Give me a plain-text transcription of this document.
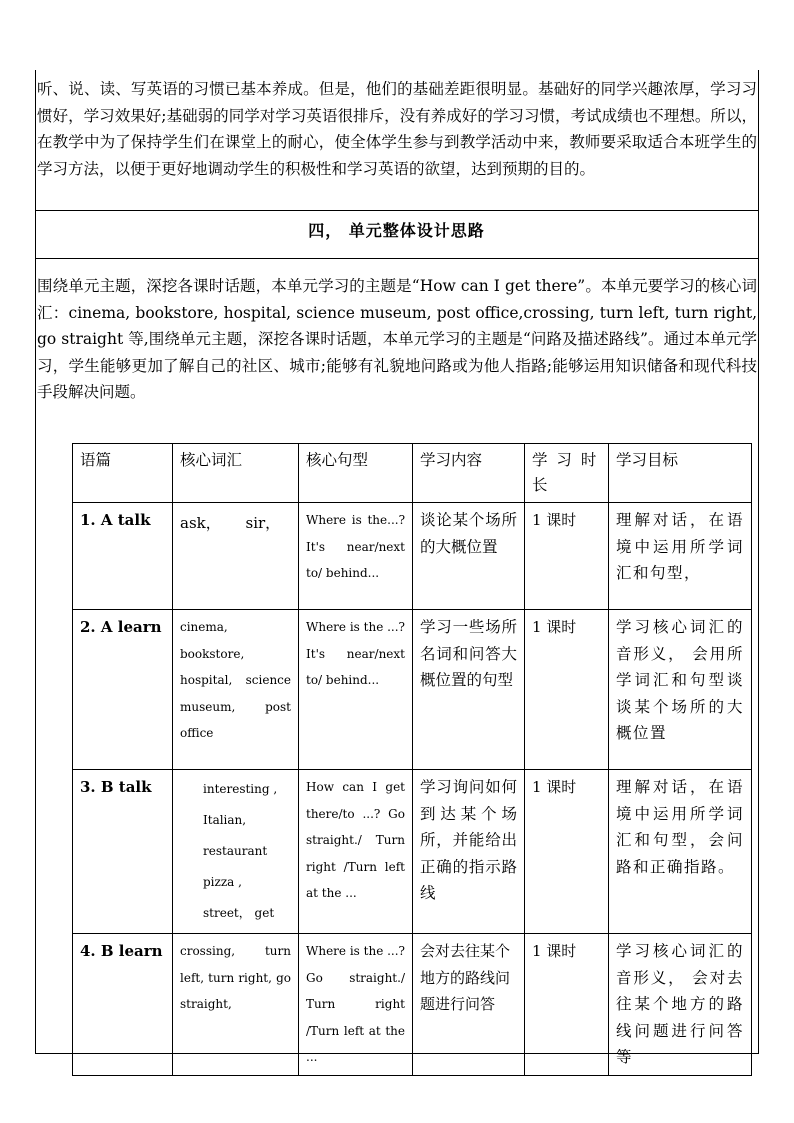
听、说、读、写英语的习惯已基本养成。但是，他们的基础差距很明显。基础好的同学兴趣浓厚，学习习惯好，学习效果好;基础弱的同学对学习英语很排斥，没有养成好的学习习惯，考试成绩也不理想。所以，在教学中为了保持学生们在课堂上的耐心，使全体学生参与到教学活动中来，教师要采取适合本班学生的学习方法，以便于更好地调动学生的积极性和学习英语的欲望，达到预期的目的。
四， 单元整体设计思路
围绕单元主题，深挖各课时话题，本单元学习的主题是“How can I get there”。本单元要学习的核心词汇：cinema, bookstore, hospital, science museum, post office,crossing, turn left, turn right, go straight 等,围绕单元主题，深挖各课时话题，本单元学习的主题是“问路及描述路线”。通过本单元学习，学生能够更加了解自己的社区、城市;能够有礼貌地问路或为他人指路;能够运用知识储备和现代科技手段解决问题。
语篇	核心词汇	核心句型	学习内容	学 习 时 长	学习目标
1. A talk	ask， sir，	Where is the...? It's near/next to/ behind...	谈论某个场所的大概位置	1 课时	理解对话，在语境中运用所学词汇和句型，
2. A learn	cinema, bookstore, hospital, science museum, post office	Where is the ...?It's near/next to/ behind...	学习一些场所名词和问答大概位置的句型	1 课时	学习核心词汇的音形义， 会用所学词汇和句型谈谈某个场所的大概位置
3. B talk	interesting , Italian, restaurant pizza , street， get	How can I get there/to ...? Go straight./ Turn right /Turn left at the ...	学习询问如何到达某个场所，并能给出正确的指示路线	1 课时	理解对话，在语境中运用所学词汇和句型，会问路和正确指路。
4. B learn	crossing, turn left, turn right, go straight,	Where is the ...?Go straight./ Turn right /Turn left at the ...	会对去往某个地方的路线问题进行问答	1 课时	学习核心词汇的音形义， 会对去往某个地方的路线问题进行问答等
